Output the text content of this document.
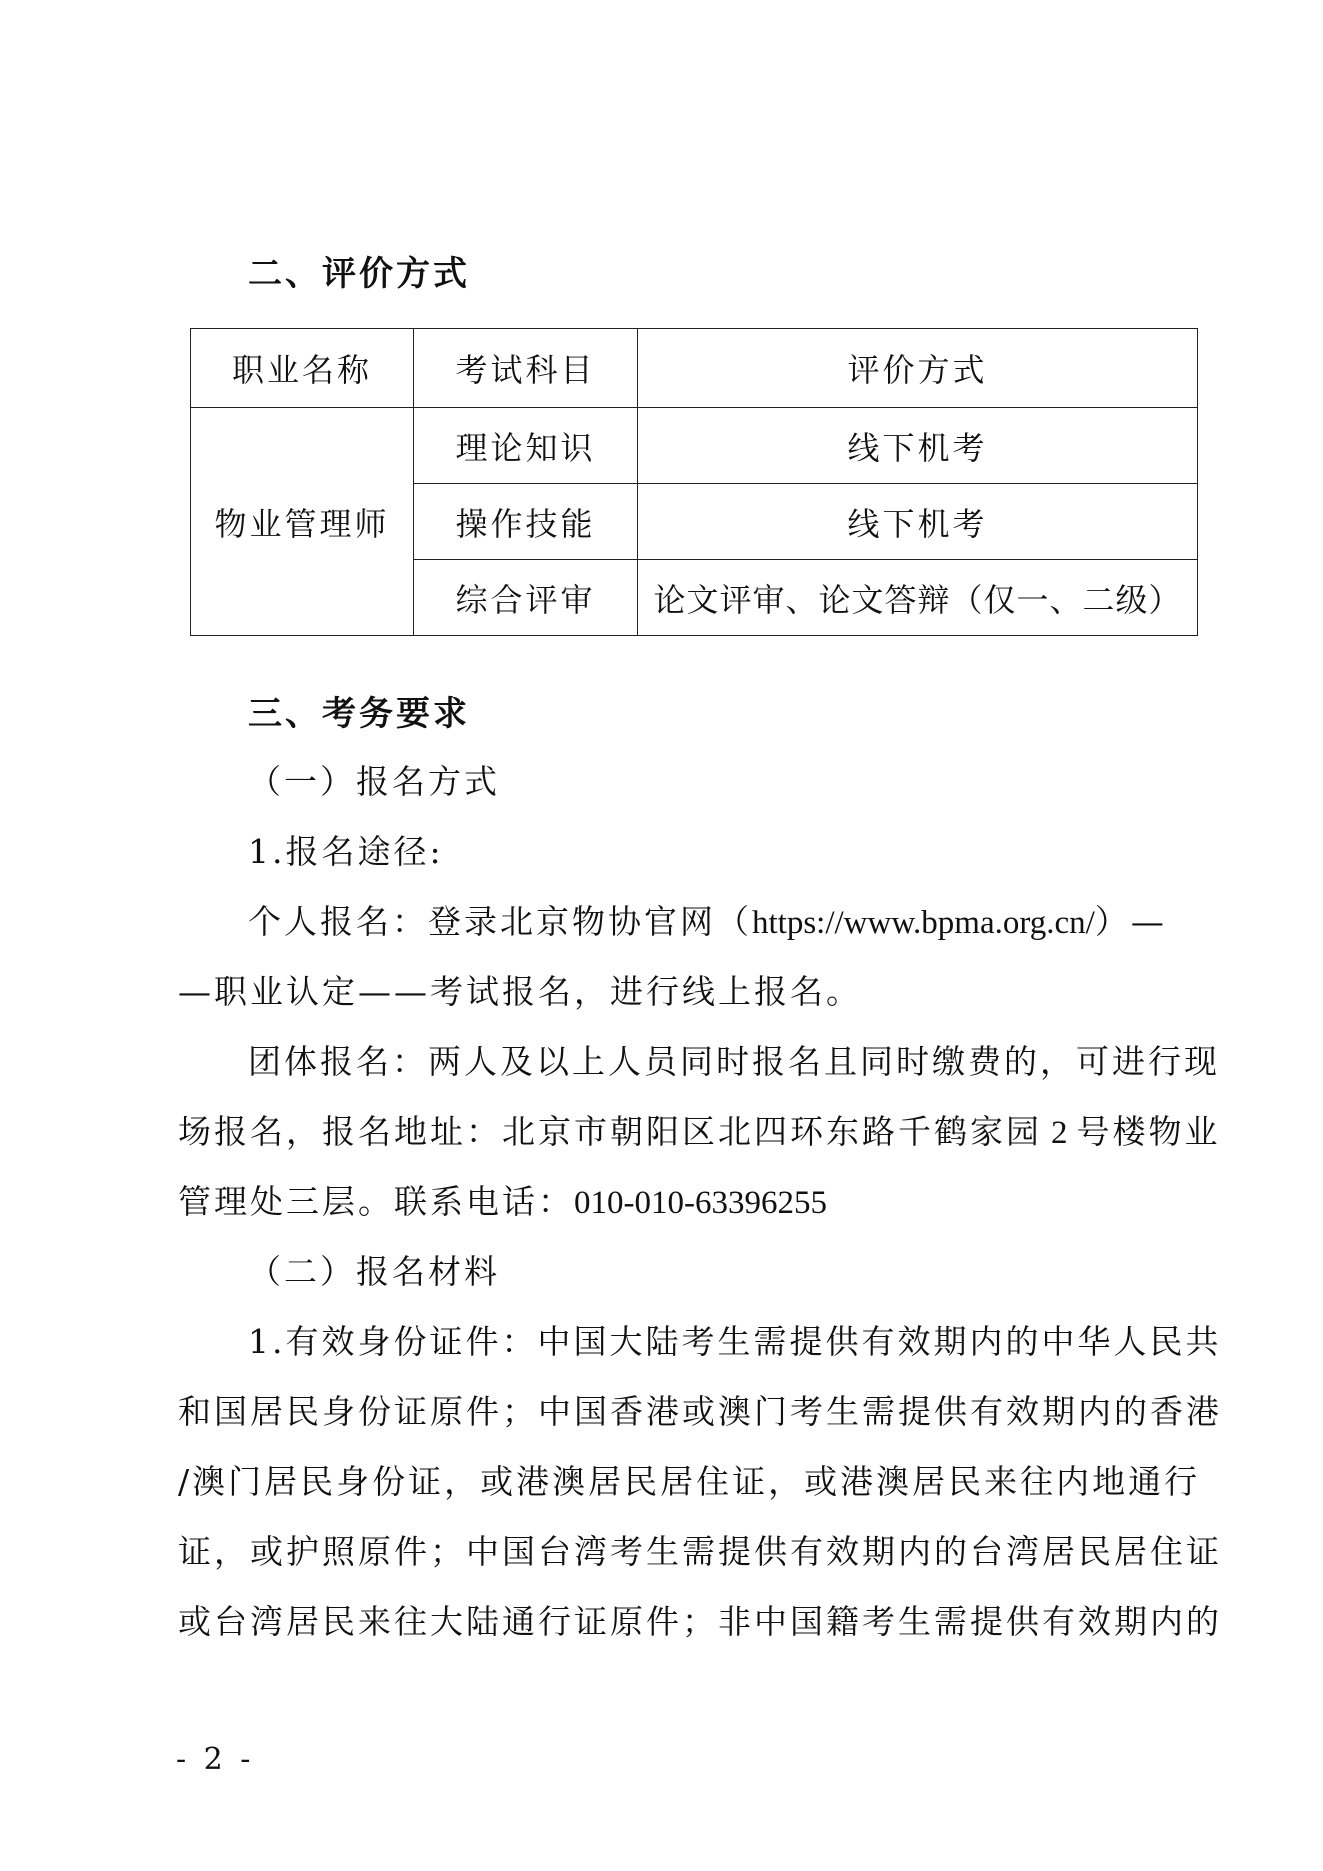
二、评价方式
职业名称	考试科目	评价方式
物业管理师	理论知识	线下机考
	操作技能	线下机考
	综合评审	论文评审、论文答辩（仅一、二级）
三、考务要求
（一）报名方式
1.报名途径:
个人报名：登录北京物协官网（https://www.bpma.org.cn/）—
—职业认定——考试报名，进行线上报名。
团体报名：两人及以上人员同时报名且同时缴费的，可进行现
场报名，报名地址：北京市朝阳区北四环东路千鹤家园 2 号楼物业
管理处三层。联系电话：010-010-63396255
（二）报名材料
1.有效身份证件：中国大陆考生需提供有效期内的中华人民共
和国居民身份证原件；中国香港或澳门考生需提供有效期内的香港
/澳门居民身份证，或港澳居民居住证，或港澳居民来往内地通行
证，或护照原件；中国台湾考生需提供有效期内的台湾居民居住证
或台湾居民来往大陆通行证原件；非中国籍考生需提供有效期内的
- 2 -
